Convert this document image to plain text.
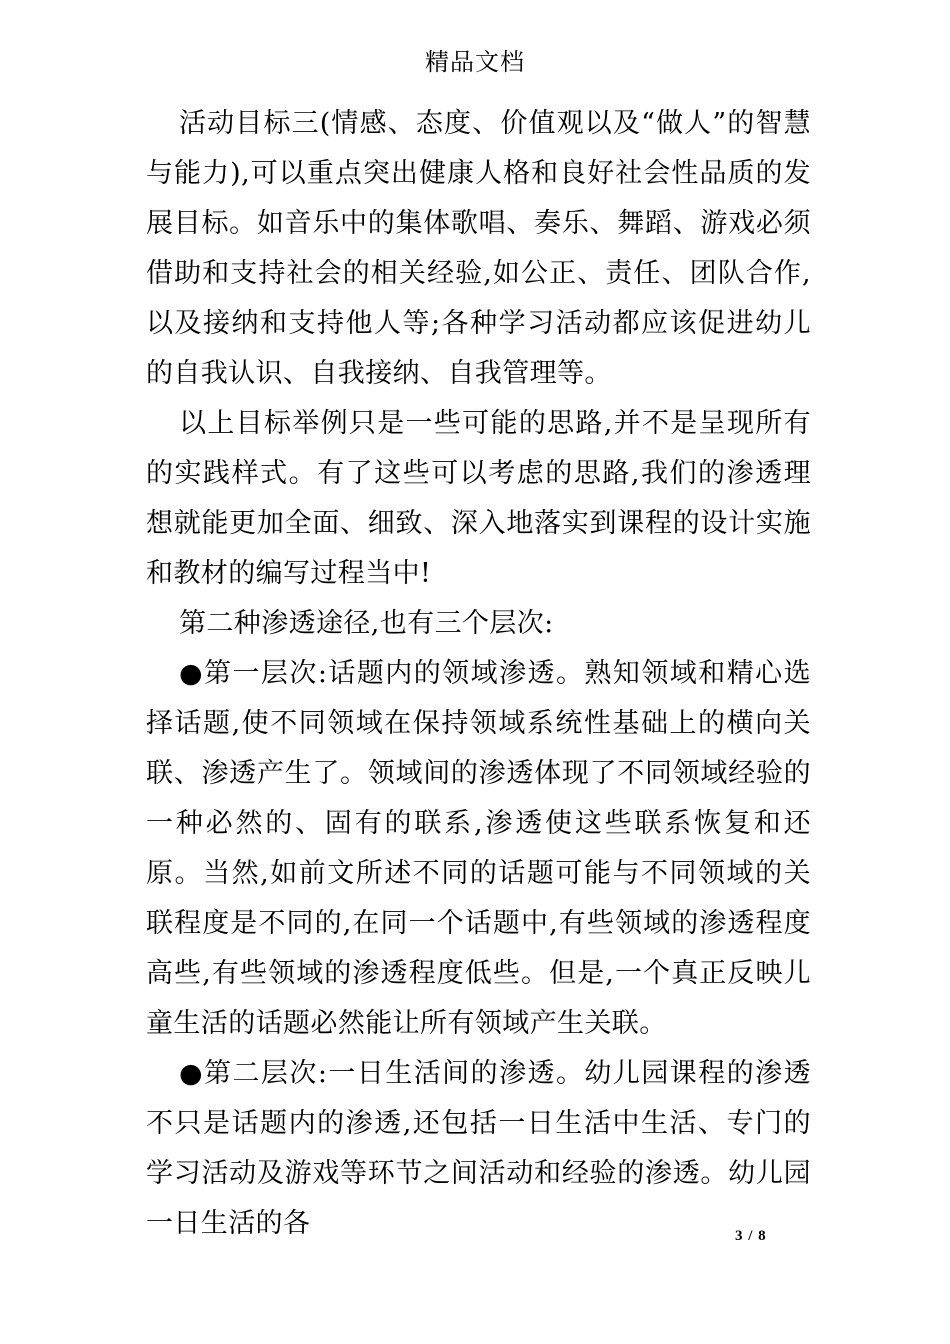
精品文档

活动目标三(情感、态度、价值观以及“做人”的智慧与能力),可以重点突出健康人格和良好社会性品质的发展目标。如音乐中的集体歌唱、奏乐、舞蹈、游戏必须借助和支持社会的相关经验,如公正、责任、团队合作,以及接纳和支持他人等;各种学习活动都应该促进幼儿的自我认识、自我接纳、自我管理等。

以上目标举例只是一些可能的思路,并不是呈现所有的实践样式。有了这些可以考虑的思路,我们的渗透理想就能更加全面、细致、深入地落实到课程的设计实施和教材的编写过程当中!

第二种渗透途径,也有三个层次:

●第一层次:话题内的领域渗透。熟知领域和精心选择话题,使不同领域在保持领域系统性基础上的横向关联、渗透产生了。领域间的渗透体现了不同领域经验的一种必然的、固有的联系,渗透使这些联系恢复和还原。当然,如前文所述不同的话题可能与不同领域的关联程度是不同的,在同一个话题中,有些领域的渗透程度高些,有些领域的渗透程度低些。但是,一个真正反映儿童生活的话题必然能让所有领域产生关联。

●第二层次:一日生活间的渗透。幼儿园课程的渗透不只是话题内的渗透,还包括一日生活中生活、专门的学习活动及游戏等环节之间活动和经验的渗透。幼儿园一日生活的各	3 / 8
